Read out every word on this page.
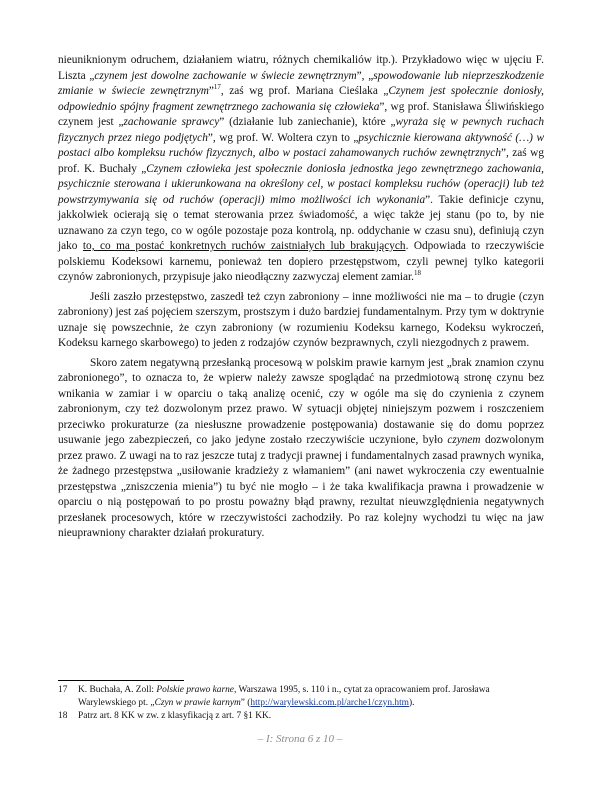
nieuniknionym odruchem, działaniem wiatru, różnych chemikaliów itp.). Przykładowo więc w ujęciu F. Liszta „czynem jest dowolne zachowanie w świecie zewnętrznym”, „spowodowanie lub nieprzeszkodzenie zmianie w świecie zewnętrznym”$^{17}$, zaś wg prof. Mariana Cieślaka „Czynem jest społecznie doniosły, odpowiednio spójny fragment zewnętrznego zachowania się człowieka”, wg prof. Stanisława Śliwińskiego czynem jest „zachowanie sprawcy” (działanie lub zaniechanie), które „wyraża się w pewnych ruchach fizycznych przez niego podjętych”, wg prof. W. Woltera czyn to „psychicznie kierowana aktywność (…) w postaci albo kompleksu ruchów fizycznych, albo w postaci zahamowanych ruchów zewnętrznych”, zaś wg prof. K. Buchały „Czynem człowieka jest społecznie doniosła jednostka jego zewnętrznego zachowania, psychicznie sterowana i ukierunkowana na określony cel, w postaci kompleksu ruchów (operacji) lub też powstrzymywania się od ruchów (operacji) mimo możliwości ich wykonania”. Takie definicje czynu, jakkolwiek ocierają się o temat sterowania przez świadomość, a więc także jej stanu (po to, by nie uznawano za czyn tego, co w ogóle pozostaje poza kontrolą, np. oddychanie w czasu snu), definiują czyn jako to, co ma postać konkretnych ruchów zaistniałych lub brakujących. Odpowiada to rzeczywiście polskiemu Kodeksowi karnemu, ponieważ ten dopiero przestępstwom, czyli pewnej tylko kategorii czynów zabronionych, przypisuje jako nieodłączny zazwyczaj element zamiar.$^{18}$

Jeśli zaszło przestępstwo, zaszedł też czyn zabroniony – inne możliwości nie ma – to drugie (czyn zabroniony) jest zaś pojęciem szerszym, prostszym i dużo bardziej fundamentalnym. Przy tym w doktrynie uznaje się powszechnie, że czyn zabroniony (w rozumieniu Kodeksu karnego, Kodeksu wykroczeń, Kodeksu karnego skarbowego) to jeden z rodzajów czynów bezprawnych, czyli niezgodnych z prawem.

Skoro zatem negatywną przesłanką procesową w polskim prawie karnym jest „brak znamion czynu zabronionego”, to oznacza to, że wpierw należy zawsze spoglądać na przedmiotową stronę czynu bez wnikania w zamiar i w oparciu o taką analizę ocenić, czy w ogóle ma się do czynienia z czynem zabronionym, czy też dozwolonym przez prawo. W sytuacji objętej niniejszym pozwem i roszczeniem przeciwko prokuraturze (za niesłuszne prowadzenie postępowania) dostawanie się do domu poprzez usuwanie jego zabezpieczeń, co jako jedyne zostało rzeczywiście uczynione, było czynem dozwolonym przez prawo. Z uwagi na to raz jeszcze tutaj z tradycji prawnej i fundamentalnych zasad prawnych wynika, że żadnego przestępstwa „usiłowanie kradzieży z włamaniem” (ani nawet wykroczenia czy ewentualnie przestępstwa „zniszczenia mienia”) tu być nie mogło – i że taka kwalifikacja prawna i prowadzenie w oparciu o nią postępowań to po prostu poważny błąd prawny, rezultat nieuwzględnienia negatywnych przesłanek procesowych, które w rzeczywistości zachodziły. Po raz kolejny wychodzi tu więc na jaw nieuprawniony charakter działań prokuratury.

17	K. Buchała, A. Zoll: Polskie prawo karne, Warszawa 1995, s. 110 i n., cytat za opracowaniem prof. Jarosława Warylewskiego pt. „Czyn w prawie karnym” (http://warylewski.com.pl/arche1/czyn.htm).
18	Patrz art. 8 KK w zw. z klasyfikacją z art. 7 §1 KK.
– I: Strona 6 z 10 –
